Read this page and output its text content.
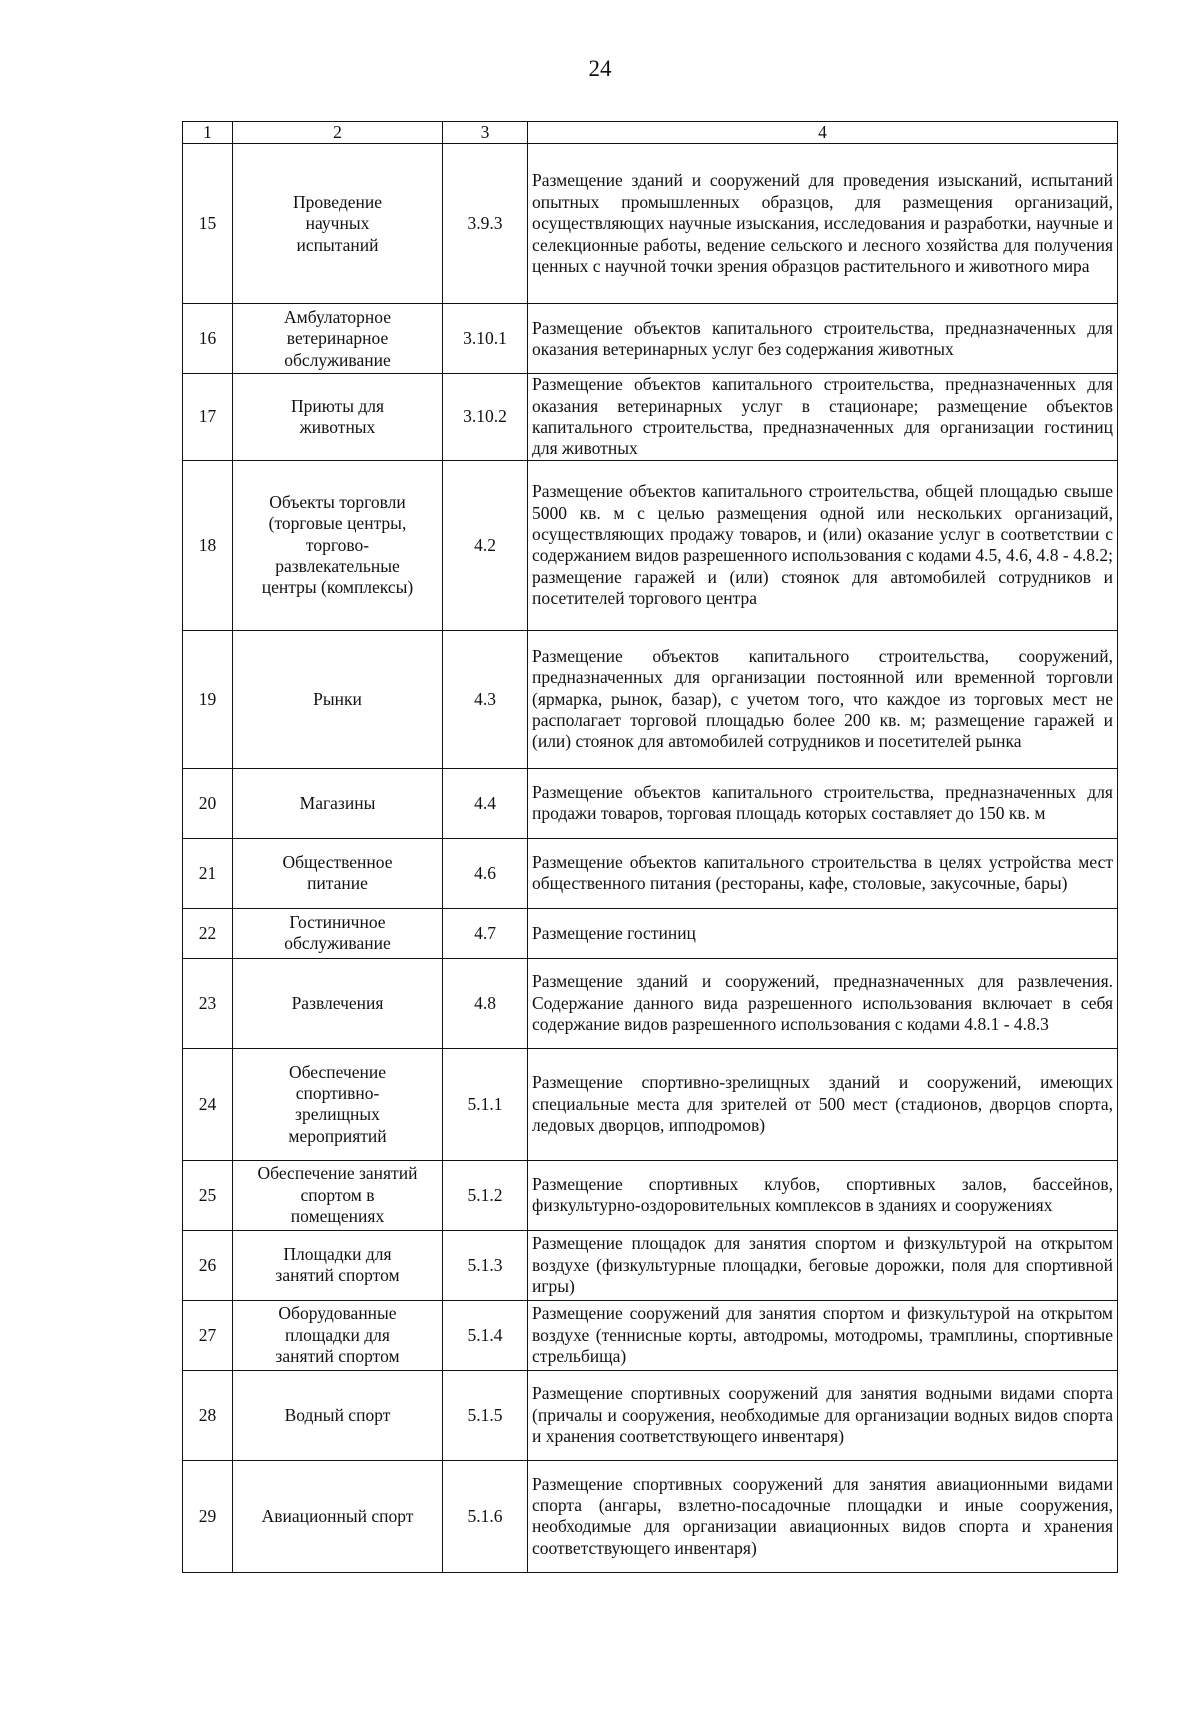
24
1	2	3	4
15	Проведение научных испытаний	3.9.3	Размещение зданий и сооружений для проведения изысканий, испытаний опытных промышленных образцов, для размещения организаций, осуществляющих научные изыскания, исследования и разработки, научные и селекционные работы, ведение сельского и лесного хозяйства для получения ценных с научной точки зрения образцов растительного и животного мира
16	Амбулаторное ветеринарное обслуживание	3.10.1	Размещение объектов капитального строительства, предназначенных для оказания ветеринарных услуг без содержания животных
17	Приюты для животных	3.10.2	Размещение объектов капитального строительства, предназначенных для оказания ветеринарных услуг в стационаре; размещение объектов капитального строительства, предназначенных для организации гостиниц для животных
18	Объекты торговли (торговые центры, торгово-развлекательные центры (комплексы)	4.2	Размещение объектов капитального строительства, общей площадью свыше 5000 кв. м с целью размещения одной или нескольких организаций, осуществляющих продажу товаров, и (или) оказание услуг в соответствии с содержанием видов разрешенного использования с кодами 4.5, 4.6, 4.8 - 4.8.2; размещение гаражей и (или) стоянок для автомобилей сотрудников и посетителей торгового центра
19	Рынки	4.3	Размещение объектов капитального строительства, сооружений, предназначенных для организации постоянной или временной торговли (ярмарка, рынок, базар), с учетом того, что каждое из торговых мест не располагает торговой площадью более 200 кв. м; размещение гаражей и (или) стоянок для автомобилей сотрудников и посетителей рынка
20	Магазины	4.4	Размещение объектов капитального строительства, предназначенных для продажи товаров, торговая площадь которых составляет до 150 кв. м
21	Общественное питание	4.6	Размещение объектов капитального строительства в целях устройства мест общественного питания (рестораны, кафе, столовые, закусочные, бары)
22	Гостиничное обслуживание	4.7	Размещение гостиниц
23	Развлечения	4.8	Размещение зданий и сооружений, предназначенных для развлечения. Содержание данного вида разрешенного использования включает в себя содержание видов разрешенного использования с кодами 4.8.1 - 4.8.3
24	Обеспечение спортивно-зрелищных мероприятий	5.1.1	Размещение спортивно-зрелищных зданий и сооружений, имеющих специальные места для зрителей от 500 мест (стадионов, дворцов спорта, ледовых дворцов, ипподромов)
25	Обеспечение занятий спортом в помещениях	5.1.2	Размещение спортивных клубов, спортивных залов, бассейнов, физкультурно-оздоровительных комплексов в зданиях и сооружениях
26	Площадки для занятий спортом	5.1.3	Размещение площадок для занятия спортом и физкультурой на открытом воздухе (физкультурные площадки, беговые дорожки, поля для спортивной игры)
27	Оборудованные площадки для занятий спортом	5.1.4	Размещение сооружений для занятия спортом и физкультурой на открытом воздухе (теннисные корты, автодромы, мотодромы, трамплины, спортивные стрельбища)
28	Водный спорт	5.1.5	Размещение спортивных сооружений для занятия водными видами спорта (причалы и сооружения, необходимые для организации водных видов спорта и хранения соответствующего инвентаря)
29	Авиационный спорт	5.1.6	Размещение спортивных сооружений для занятия авиационными видами спорта (ангары, взлетно-посадочные площадки и иные сооружения, необходимые для организации авиационных видов спорта и хранения соответствующего инвентаря)
